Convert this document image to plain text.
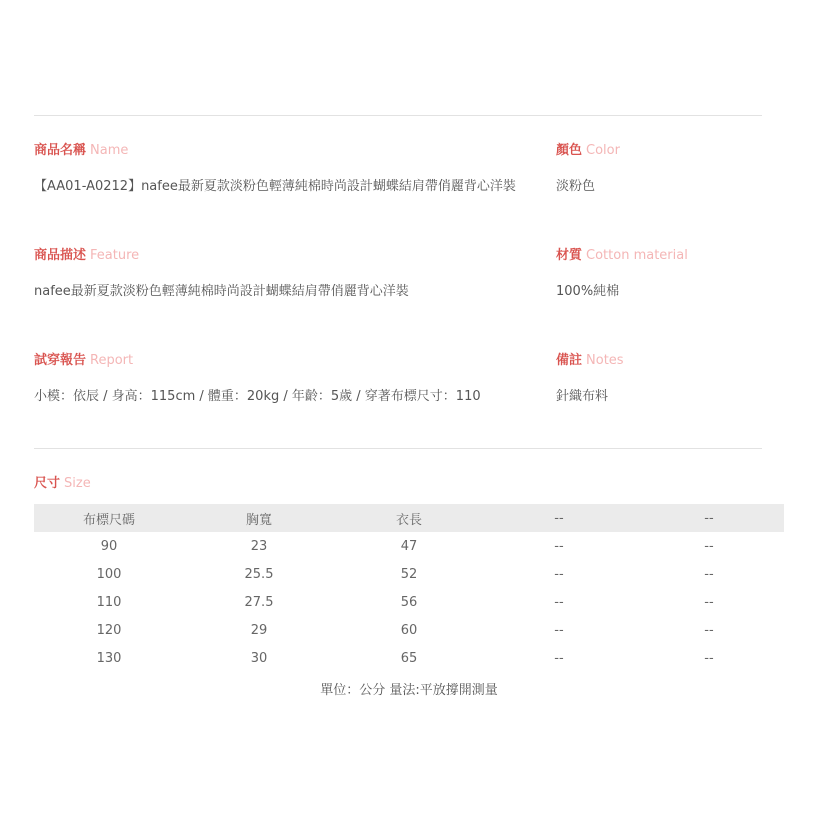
商品名稱 Name
【AA01-A0212】nafee最新夏款淡粉色輕薄純棉時尚設計蝴蝶結肩帶俏麗背心洋裝
顏色 Color
淡粉色
商品描述 Feature
nafee最新夏款淡粉色輕薄純棉時尚設計蝴蝶結肩帶俏麗背心洋裝
材質 Cotton material
100%純棉
試穿報告 Report
小模：依辰 / 身高：115cm / 體重：20kg / 年齡：5歲 / 穿著布標尺寸：110
備註 Notes
針織布料
尺寸 Size
布標尺碼	胸寬	衣長	--	--
90	23	47	--	--
100	25.5	52	--	--
110	27.5	56	--	--
120	29	60	--	--
130	30	65	--	--
單位：公分 量法:平放撐開測量
